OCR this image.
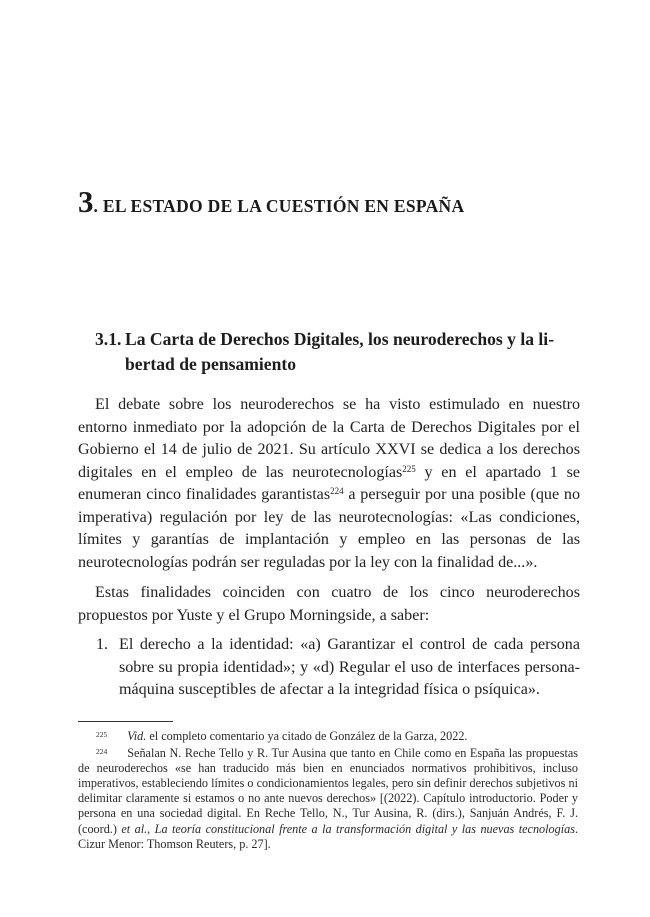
3. EL ESTADO DE LA CUESTIÓN EN ESPAÑA
3.1. La Carta de Derechos Digitales, los neuroderechos y la li-
bertad de pensamiento

El debate sobre los neuroderechos se ha visto estimulado en nuestro entorno inmediato por la adopción de la Carta de Derechos Digitales por el Gobierno el 14 de julio de 2021. Su artículo XXVI se dedica a los derechos digitales en el empleo de las neurotecnologías$^{225}$ y en el apartado 1 se enumeran cinco finalidades garantistas$^{224}$ a perseguir por una posible (que no imperativa) regulación por ley de las neurotecnologías: «Las condiciones, límites y garantías de implantación y empleo en las personas de las neurotecnologías podrán ser reguladas por la ley con la finalidad de...».

Estas finalidades coinciden con cuatro de los cinco neuroderechos propuestos por Yuste y el Grupo Morningside, a saber:

1. El derecho a la identidad: «a) Garantizar el control de cada persona sobre su propia identidad»; y «d) Regular el uso de interfaces persona-máquina susceptibles de afectar a la integridad física o psíquica».

$^{225}$ Vid. el completo comentario ya citado de González de la Garza, 2022.

$^{224}$ Señalan N. Reche Tello y R. Tur Ausina que tanto en Chile como en España las propuestas de neuroderechos «se han traducido más bien en enunciados normativos prohibitivos, incluso imperativos, estableciendo límites o condicionamientos legales, pero sin definir derechos subjetivos ni delimitar claramente si estamos o no ante nuevos derechos» [(2022). Capítulo introductorio. Poder y persona en una sociedad digital. En Reche Tello, N., Tur Ausina, R. (dirs.), Sanjuán Andrés, F. J. (coord.) et al., La teoría constitucional frente a la transformación digital y las nuevas tecnologías. Cizur Menor: Thomson Reuters, p. 27].
